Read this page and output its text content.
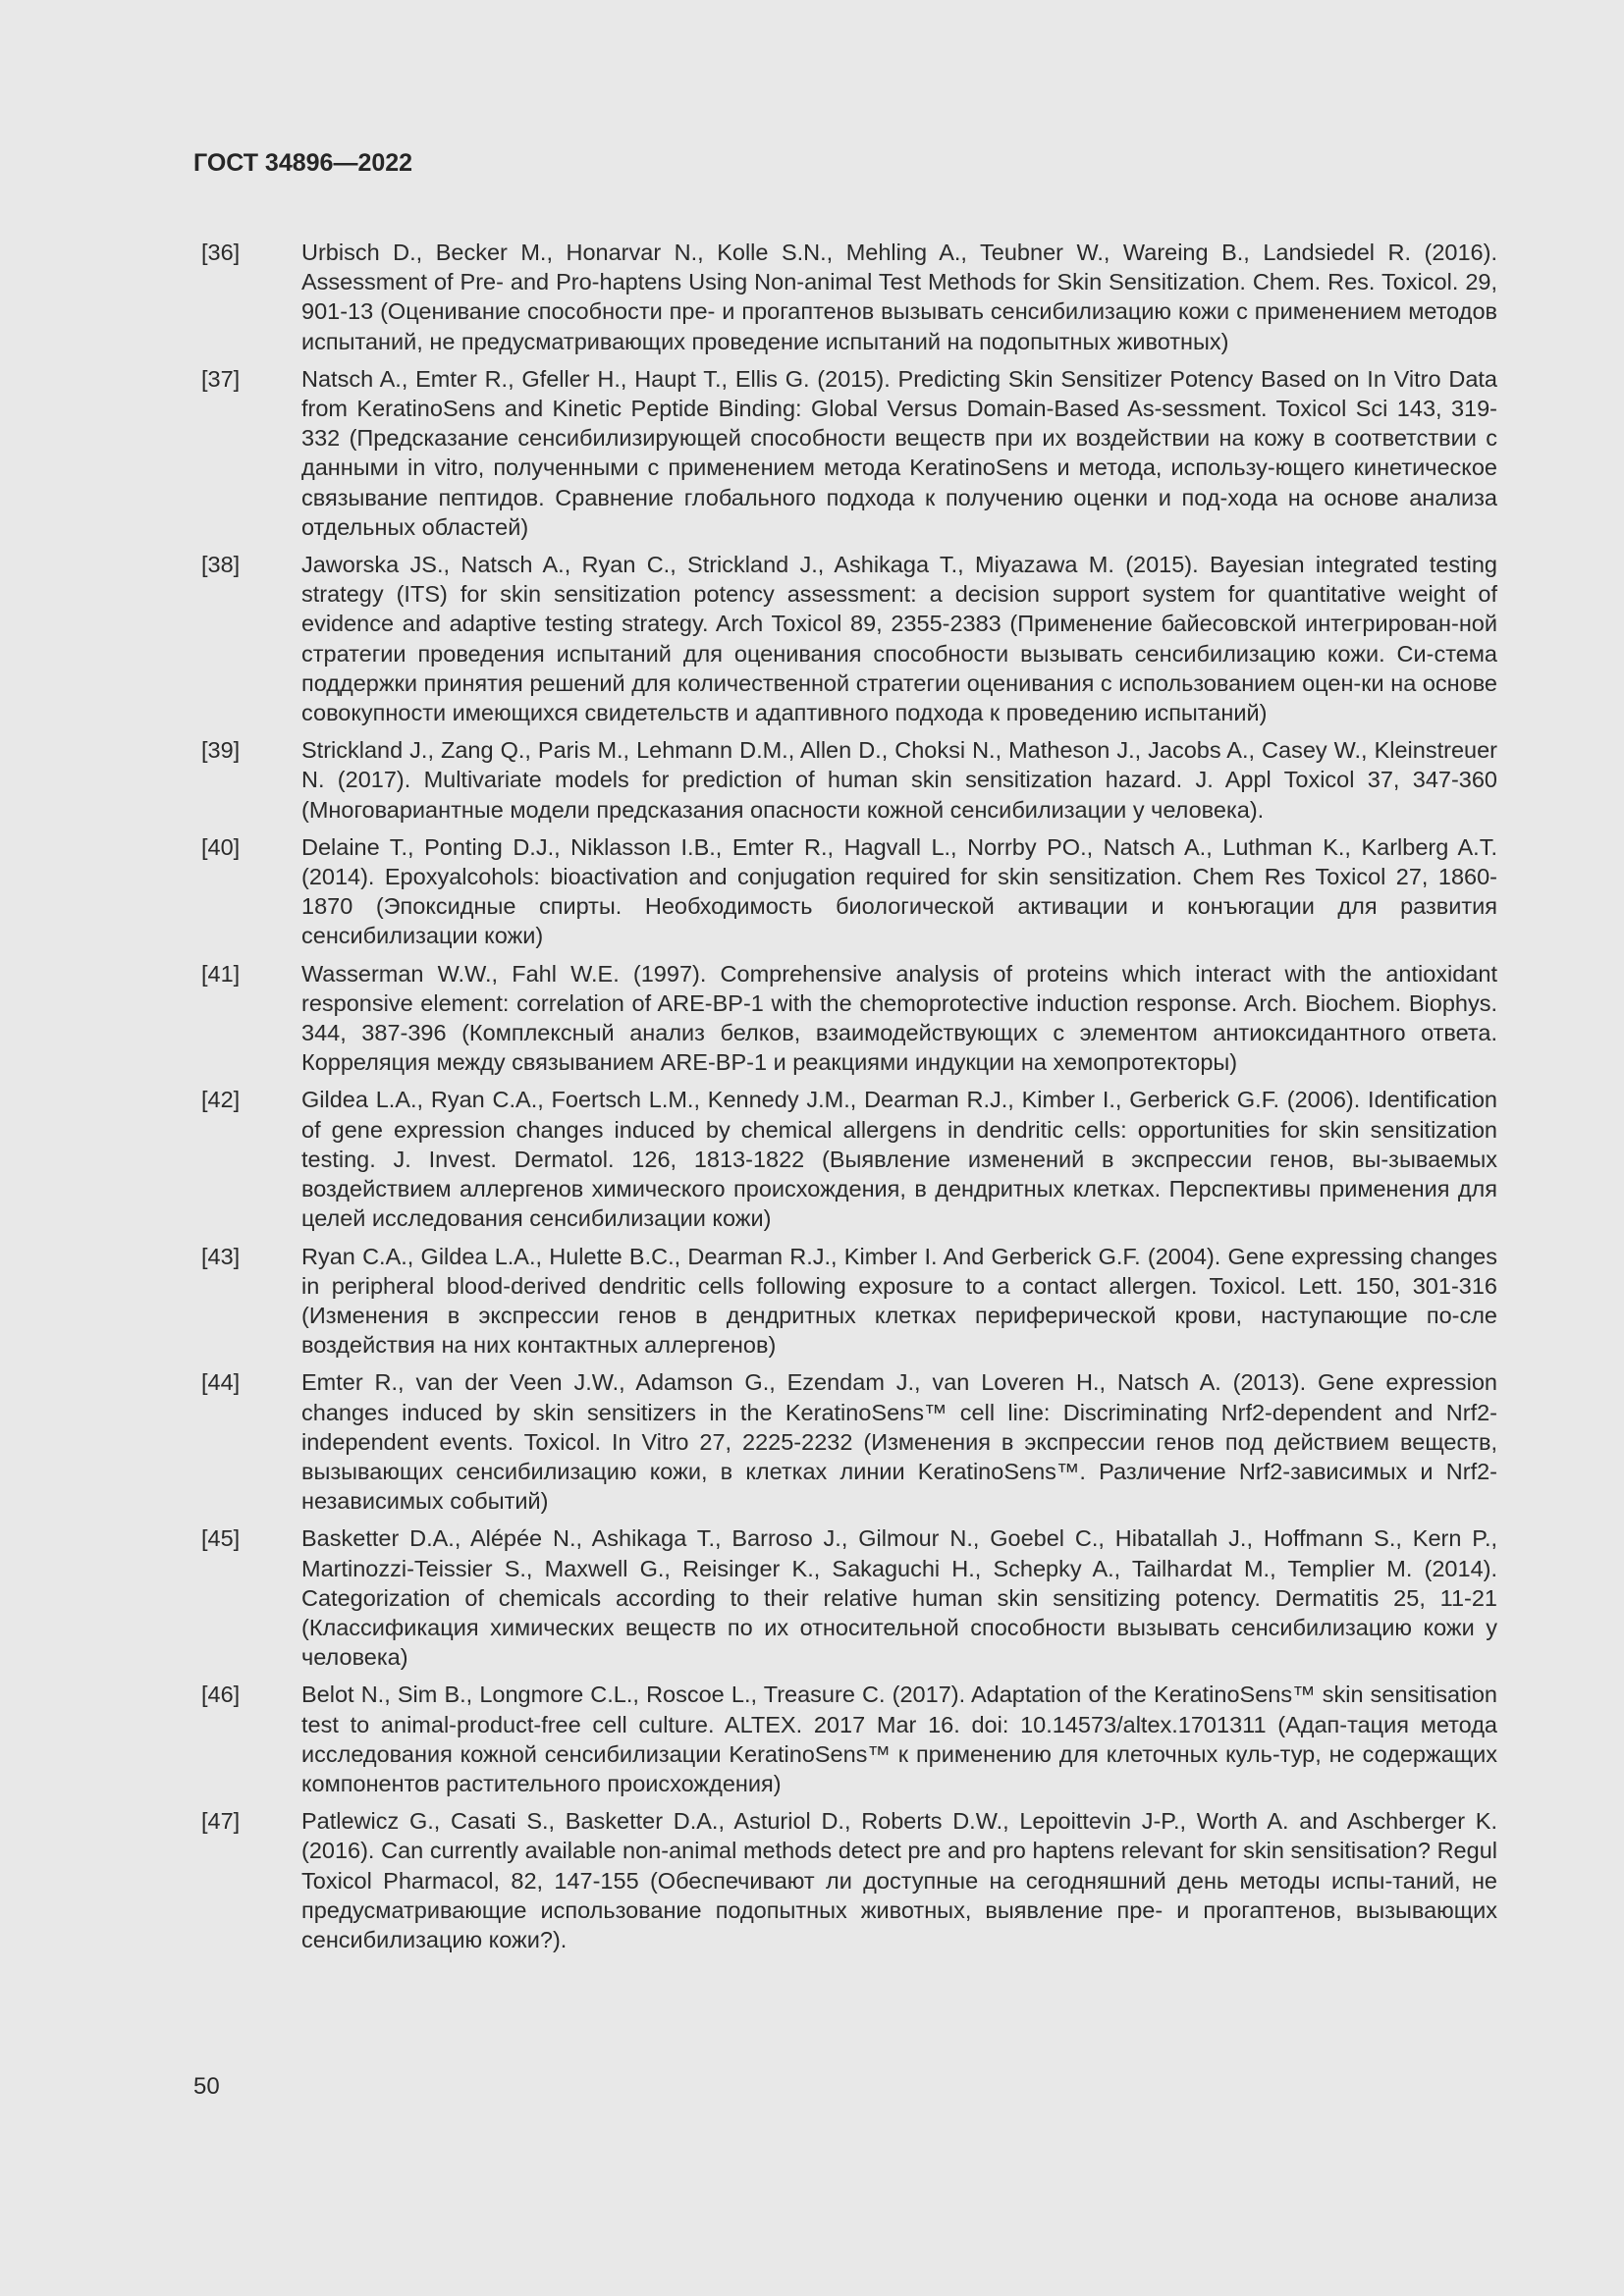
ГОСТ 34896—2022
[36]	Urbisch D., Becker M., Honarvar N., Kolle S.N., Mehling A., Teubner W., Wareing B., Landsiedel R. (2016). Assessment of Pre- and Pro-haptens Using Non-animal Test Methods for Skin Sensitization. Chem. Res. Toxicol. 29, 901-13 (Оценивание способности пре- и прогаптенов вызывать сенсибилизацию кожи с применением методов испытаний, не предусматривающих проведение испытаний на подопытных животных)
[37]	Natsch A., Emter R., Gfeller H., Haupt T., Ellis G. (2015). Predicting Skin Sensitizer Potency Based on In Vitro Data from KeratinoSens and Kinetic Peptide Binding: Global Versus Domain-Based As-sessment. Toxicol Sci 143, 319-332 (Предсказание сенсибилизирующей способности веществ при их воздействии на кожу в соответствии с данными in vitro, полученными с применением метода KeratinoSens и метода, использу-ющего кинетическое связывание пептидов. Сравнение глобального подхода к получению оценки и под-хода на основе анализа отдельных областей)
[38]	Jaworska JS., Natsch A., Ryan C., Strickland J., Ashikaga T., Miyazawa M. (2015). Bayesian integrated testing strategy (ITS) for skin sensitization potency assessment: a decision support system for quantitative weight of evidence and adaptive testing strategy. Arch Toxicol 89, 2355-2383 (Применение байесовской интегрирован-ной стратегии проведения испытаний для оценивания способности вызывать сенсибилизацию кожи. Си-стема поддержки принятия решений для количественной стратегии оценивания с использованием оцен-ки на основе совокупности имеющихся свидетельств и адаптивного подхода к проведению испытаний)
[39]	Strickland J., Zang Q., Paris M., Lehmann D.M., Allen D., Choksi N., Matheson J., Jacobs A., Casey W., Kleinstreuer N. (2017). Multivariate models for prediction of human skin sensitization hazard. J. Appl Toxicol 37, 347-360 (Многовариантные модели предсказания опасности кожной сенсибилизации у человека).
[40]	Delaine T., Ponting D.J., Niklasson I.B., Emter R., Hagvall L., Norrby PO., Natsch A., Luthman K., Karlberg A.T. (2014). Epoxyalcohols: bioactivation and conjugation required for skin sensitization. Chem Res Toxicol 27, 1860-1870 (Эпоксидные спирты. Необходимость биологической активации и конъюгации для развития сенсибилизации кожи)
[41]	Wasserman W.W., Fahl W.E. (1997). Comprehensive analysis of proteins which interact with the antioxidant responsive element: correlation of ARE-BP-1 with the chemoprotective induction response. Arch. Biochem. Biophys. 344, 387-396 (Комплексный анализ белков, взаимодействующих с элементом антиоксидантного ответа. Корреляция между связыванием ARE-BP-1 и реакциями индукции на хемопротекторы)
[42]	Gildea L.A., Ryan C.A., Foertsch L.M., Kennedy J.M., Dearman R.J., Kimber I., Gerberick G.F. (2006). Identification of gene expression changes induced by chemical allergens in dendritic cells: opportunities for skin sensitization testing. J. Invest. Dermatol. 126, 1813-1822 (Выявление изменений в экспрессии генов, вы-зываемых воздействием аллергенов химического происхождения, в дендритных клетках. Перспективы применения для целей исследования сенсибилизации кожи)
[43]	Ryan C.A., Gildea L.A., Hulette B.C., Dearman R.J., Kimber I. And Gerberick G.F. (2004). Gene expressing changes in peripheral blood-derived dendritic cells following exposure to a contact allergen. Toxicol. Lett. 150, 301-316 (Изменения в экспрессии генов в дендритных клетках периферической крови, наступающие по-сле воздействия на них контактных аллергенов)
[44]	Emter R., van der Veen J.W., Adamson G., Ezendam J., van Loveren H., Natsch A. (2013). Gene expression changes induced by skin sensitizers in the KeratinoSens™ cell line: Discriminating Nrf2-dependent and Nrf2-independent events. Toxicol. In Vitro 27, 2225-2232 (Изменения в экспрессии генов под действием веществ, вызывающих сенсибилизацию кожи, в клетках линии KeratinoSens™. Различение Nrf2-зависимых и Nrf2-независимых событий)
[45]	Basketter D.A., Alépée N., Ashikaga T., Barroso J., Gilmour N., Goebel C., Hibatallah J., Hoffmann S., Kern P., Martinozzi-Teissier S., Maxwell G., Reisinger K., Sakaguchi H., Schepky A., Tailhardat M., Templier M. (2014). Categorization of chemicals according to their relative human skin sensitizing potency. Dermatitis 25, 11-21 (Классификация химических веществ по их относительной способности вызывать сенсибилизацию кожи у человека)
[46]	Belot N., Sim B., Longmore C.L., Roscoe L., Treasure C. (2017). Adaptation of the KeratinoSens™ skin sensitisation test to animal-product-free cell culture. ALTEX. 2017 Mar 16. doi: 10.14573/altex.1701311 (Адап-тация метода исследования кожной сенсибилизации KeratinoSens™ к применению для клеточных куль-тур, не содержащих компонентов растительного происхождения)
[47]	Patlewicz G., Casati S., Basketter D.A., Asturiol D., Roberts D.W., Lepoittevin J-P., Worth A. and Aschberger K. (2016). Can currently available non-animal methods detect pre and pro haptens relevant for skin sensitisation? Regul Toxicol Pharmacol, 82, 147-155 (Обеспечивают ли доступные на сегодняшний день методы испы-таний, не предусматривающие использование подопытных животных, выявление пре- и прогаптенов, вызывающих сенсибилизацию кожи?).
50
